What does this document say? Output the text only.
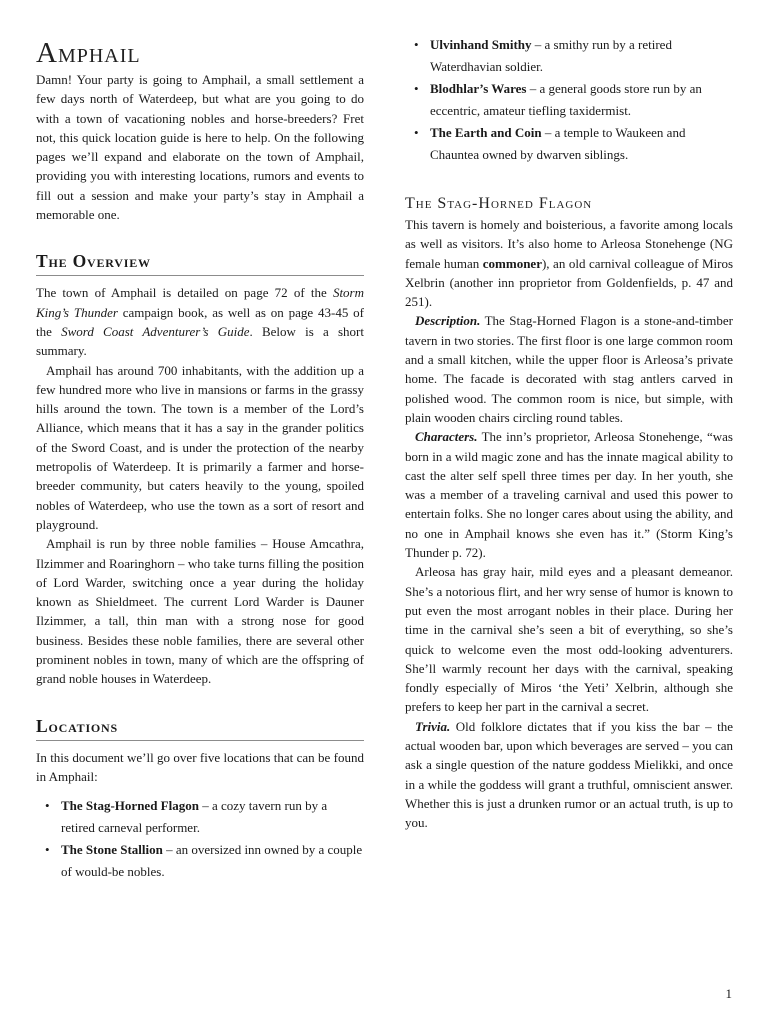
Amphail

Damn! Your party is going to Amphail, a small settlement a few days north of Waterdeep, but what are you going to do with a town of vacationing nobles and horse-breeders? Fret not, this quick location guide is here to help. On the following pages we’ll expand and elaborate on the town of Amphail, providing you with interesting locations, rumors and events to fill out a session and make your party’s stay in Amphail a memorable one.

The Overview

The town of Amphail is detailed on page 72 of the Storm King’s Thunder campaign book, as well as on page 43-45 of the Sword Coast Adventurer’s Guide. Below is a short summary.

Amphail has around 700 inhabitants, with the addition up a few hundred more who live in mansions or farms in the grassy hills around the town. The town is a member of the Lord’s Alliance, which means that it has a say in the grander politics of the Sword Coast, and is under the protection of the nearby metropolis of Waterdeep. It is primarily a farmer and horse-breeder community, but caters heavily to the young, spoiled nobles of Waterdeep, who use the town as a sort of resort and playground.

Amphail is run by three noble families – House Amcathra, Ilzimmer and Roaringhorn – who take turns filling the position of Lord Warder, switching once a year during the holiday known as Shieldmeet. The current Lord Warder is Dauner Ilzimmer, a tall, thin man with a strong nose for good business. Besides these noble families, there are several other prominent nobles in town, many of which are the offspring of grand noble houses in Waterdeep.

Locations

In this document we’ll go over five locations that can be found in Amphail:

• The Stag-Horned Flagon – a cozy tavern run by a retired carneval performer.
• The Stone Stallion – an oversized inn owned by a couple of would-be nobles.
• Ulvinhand Smithy – a smithy run by a retired Waterdhavian soldier.
• Blodhlar’s Wares – a general goods store run by an eccentric, amateur tiefling taxidermist.
• The Earth and Coin – a temple to Waukeen and Chauntea owned by dwarven siblings.
The Stag-Horned Flagon

This tavern is homely and boisterious, a favorite among locals as well as visitors. It’s also home to Arleosa Stonehenge (NG female human commoner), an old carnival colleague of Miros Xelbrin (another inn proprietor from Goldenfields, p. 47 and 251).

Description. The Stag-Horned Flagon is a stone-and-timber tavern in two stories. The first floor is one large common room and a small kitchen, while the upper floor is Arleosa’s private home. The facade is decorated with stag antlers carved in polished wood. The common room is nice, but simple, with plain wooden chairs circling round tables.

Characters. The inn’s proprietor, Arleosa Stonehenge, “was born in a wild magic zone and has the innate magical ability to cast the alter self spell three times per day. In her youth, she was a member of a traveling carnival and used this power to entertain folks. She no longer cares about using the ability, and no one in Amphail knows she even has it.” (Storm King’s Thunder p. 72).

Arleosa has gray hair, mild eyes and a pleasant demeanor. She’s a notorious flirt, and her wry sense of humor is known to put even the most arrogant nobles in their place. During her time in the carnival she’s seen a bit of everything, so she’s quick to welcome even the most odd-looking adventurers. She’ll warmly recount her days with the carnival, speaking fondly especially of Miros ‘the Yeti’ Xelbrin, although she prefers to keep her part in the carnival a secret.

Trivia. Old folklore dictates that if you kiss the bar – the actual wooden bar, upon which beverages are served – you can ask a single question of the nature goddess Mielikki, and once in a while the goddess will grant a truthful, omniscient answer. Whether this is just a drunken rumor or an actual truth, is up to you.

1
